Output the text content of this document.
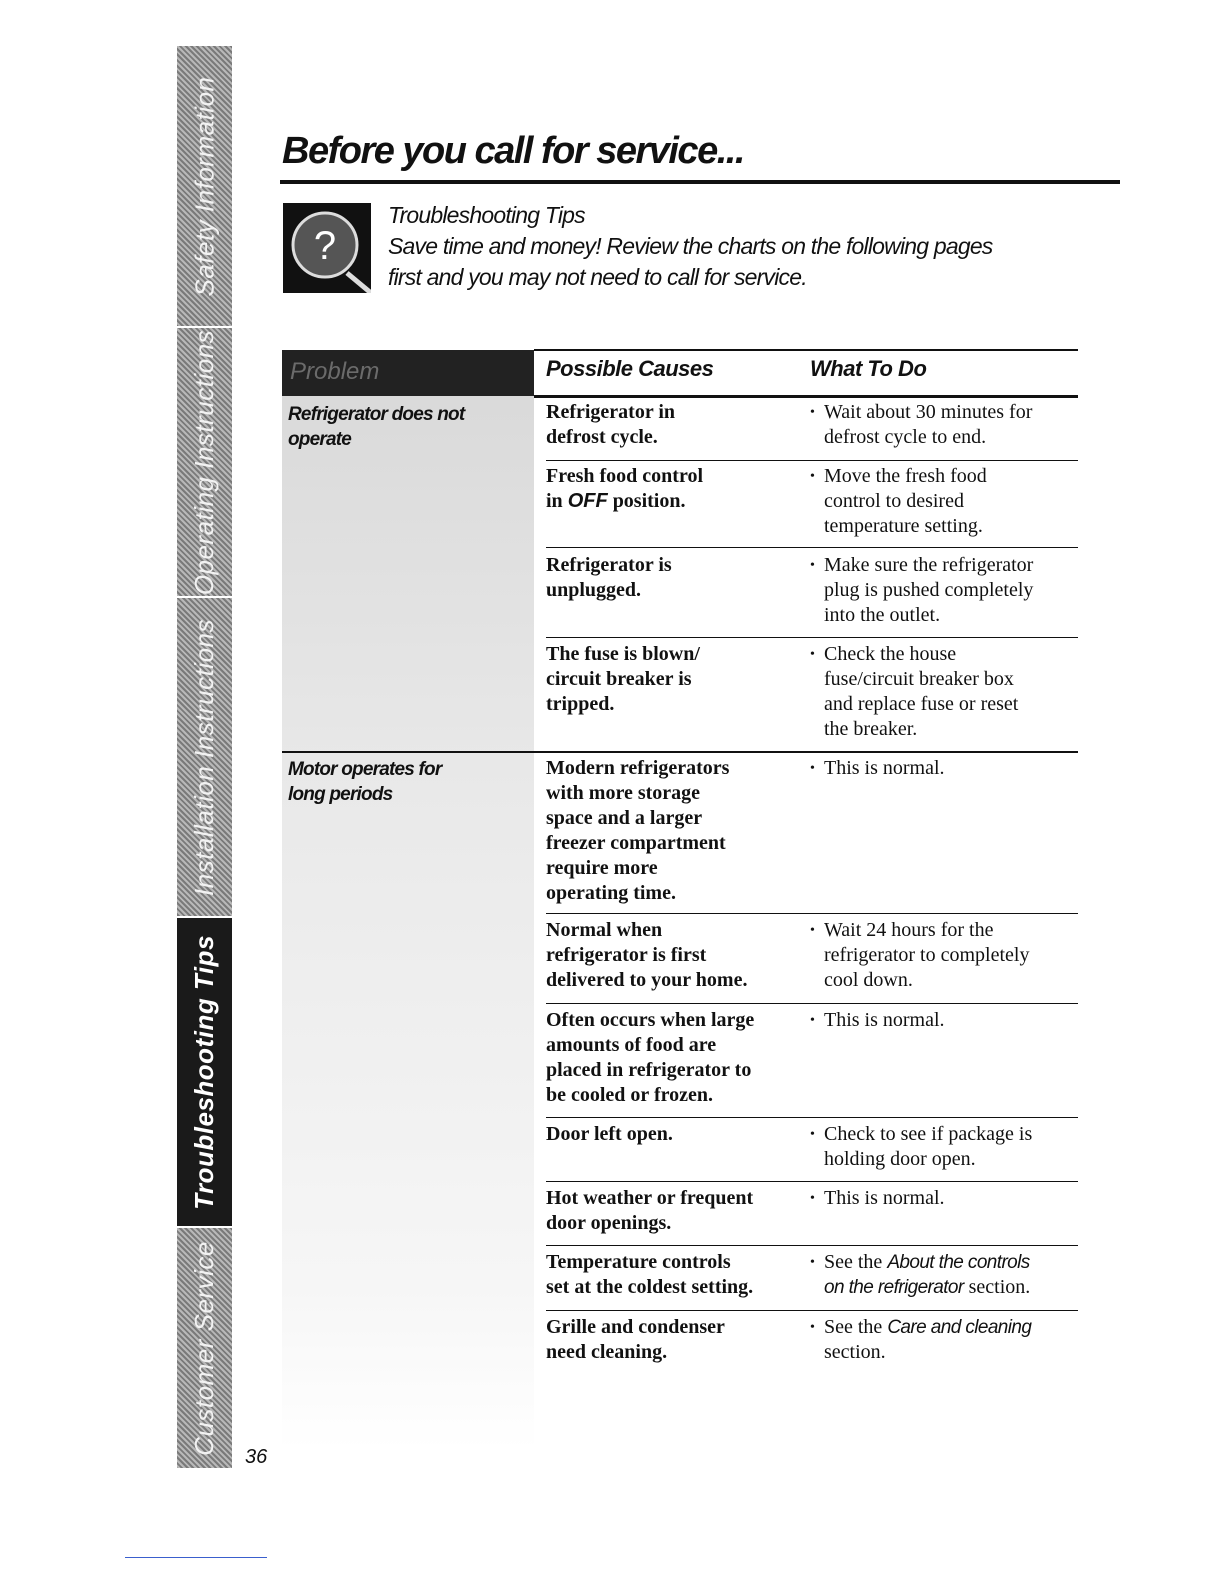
Safety Information
Operating Instructions
Installation Instructions
Troubleshooting Tips
Customer Service
36
Before you call for service...
?
Troubleshooting Tips
Save time and money! Review the charts on the following pages
first and you may not need to call for service.
Problem	Possible Causes	What To Do
Refrigerator does not
operate
Motor operates for
long periods
Refrigerator in
defrost cycle.
• Wait about 30 minutes for
defrost cycle to end.
Fresh food control
in OFF position.
• Move the fresh food
control to desired
temperature setting.
Refrigerator is
unplugged.
• Make sure the refrigerator
plug is pushed completely
into the outlet.
The fuse is blown/
circuit breaker is
tripped.
• Check the house
fuse/circuit breaker box
and replace fuse or reset
the breaker.
Modern refrigerators
with more storage
space and a larger
freezer compartment
require more
operating time.
• This is normal.
Normal when
refrigerator is first
delivered to your home.
• Wait 24 hours for the
refrigerator to completely
cool down.
Often occurs when large
amounts of food are
placed in refrigerator to
be cooled or frozen.
• This is normal.
Door left open.
•	Check to see if package is
holding door open.
Hot weather or frequent
door openings.
• This is normal.
Temperature controls
set at the coldest setting.
• See the About the controls
on the refrigerator section.
Grille and condenser
need cleaning.
• See the Care and cleaning
section.
